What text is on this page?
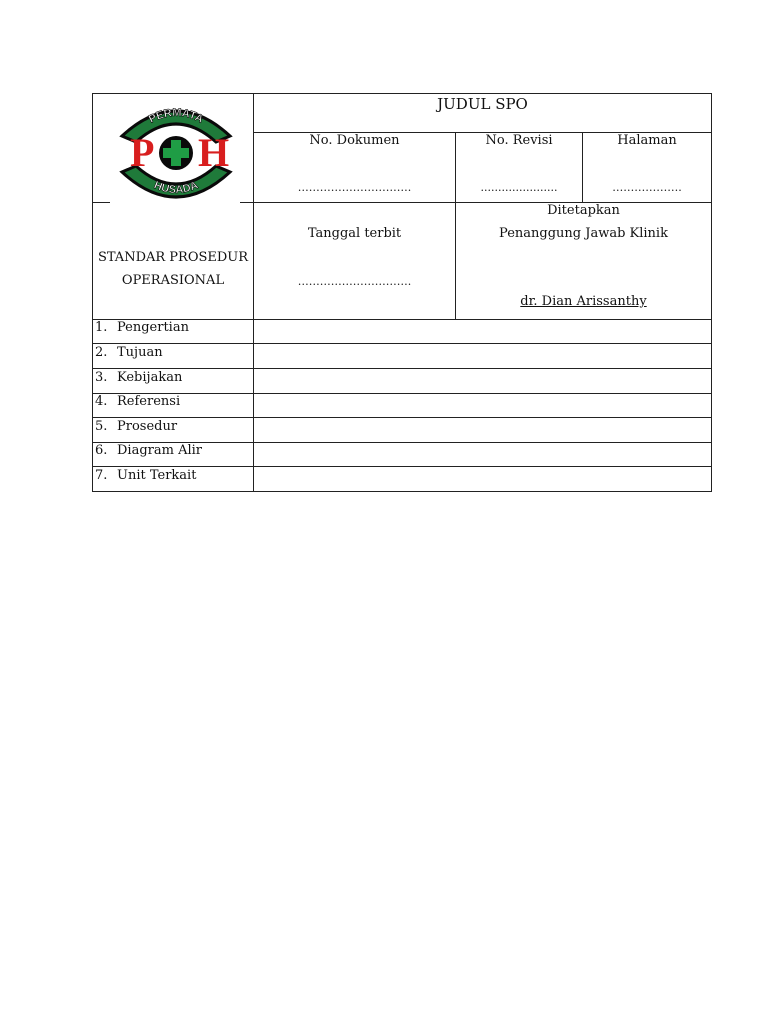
PERMATA
HUSADA
P H
JUDUL SPO
No. Dokumen	No. Revisi	Halaman
………………………….	......................	……………….
STANDAR PROSEDUR
OPERASIONAL
Tanggal terbit
………………………….
Ditetapkan
Penanggung Jawab Klinik
dr. Dian Arissanthy
1. Pengertian
2. Tujuan
3. Kebijakan
4. Referensi
5. Prosedur
6. Diagram Alir
7. Unit Terkait
